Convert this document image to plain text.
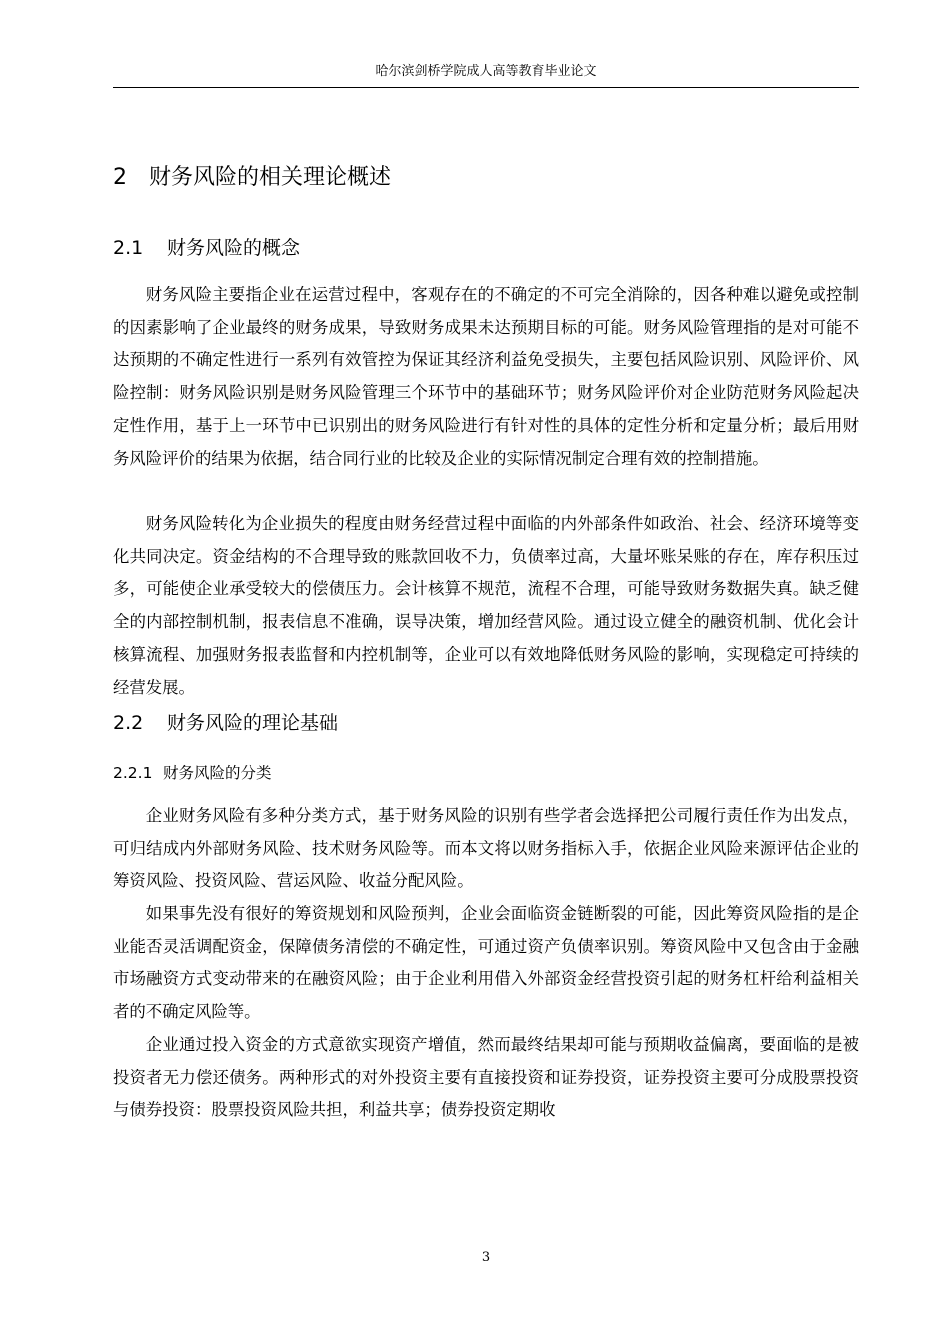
哈尔滨剑桥学院成人高等教育毕业论文
2 财务风险的相关理论概述
2.1 财务风险的概念

财务风险主要指企业在运营过程中，客观存在的不确定的不可完全消除的，因各种难以避免或控制的因素影响了企业最终的财务成果，导致财务成果未达预期目标的可能。财务风险管理指的是对可能不达预期的不确定性进行一系列有效管控为保证其经济利益免受损失，主要包括风险识别、风险评价、风险控制：财务风险识别是财务风险管理三个环节中的基础环节；财务风险评价对企业防范财务风险起决定性作用，基于上一环节中已识别出的财务风险进行有针对性的具体的定性分析和定量分析；最后用财务风险评价的结果为依据，结合同行业的比较及企业的实际情况制定合理有效的控制措施。

财务风险转化为企业损失的程度由财务经营过程中面临的内外部条件如政治、社会、经济环境等变化共同决定。资金结构的不合理导致的账款回收不力，负债率过高，大量坏账呆账的存在，库存积压过多，可能使企业承受较大的偿债压力。会计核算不规范，流程不合理，可能导致财务数据失真。缺乏健全的内部控制机制，报表信息不准确，误导决策，增加经营风险。通过设立健全的融资机制、优化会计核算流程、加强财务报表监督和内控机制等，企业可以有效地降低财务风险的影响，实现稳定可持续的经营发展。

2.2 财务风险的理论基础
2.2.1 财务风险的分类

企业财务风险有多种分类方式，基于财务风险的识别有些学者会选择把公司履行责任作为出发点，可归结成内外部财务风险、技术财务风险等。而本文将以财务指标入手，依据企业风险来源评估企业的筹资风险、投资风险、营运风险、收益分配风险。

如果事先没有很好的筹资规划和风险预判，企业会面临资金链断裂的可能，因此筹资风险指的是企业能否灵活调配资金，保障债务清偿的不确定性，可通过资产负债率识别。筹资风险中又包含由于金融市场融资方式变动带来的在融资风险；由于企业利用借入外部资金经营投资引起的财务杠杆给利益相关者的不确定风险等。

企业通过投入资金的方式意欲实现资产增值，然而最终结果却可能与预期收益偏离，要面临的是被投资者无力偿还债务。两种形式的对外投资主要有直接投资和证券投资，证券投资主要可分成股票投资与债券投资：股票投资风险共担，利益共享；债券投资定期收

3
